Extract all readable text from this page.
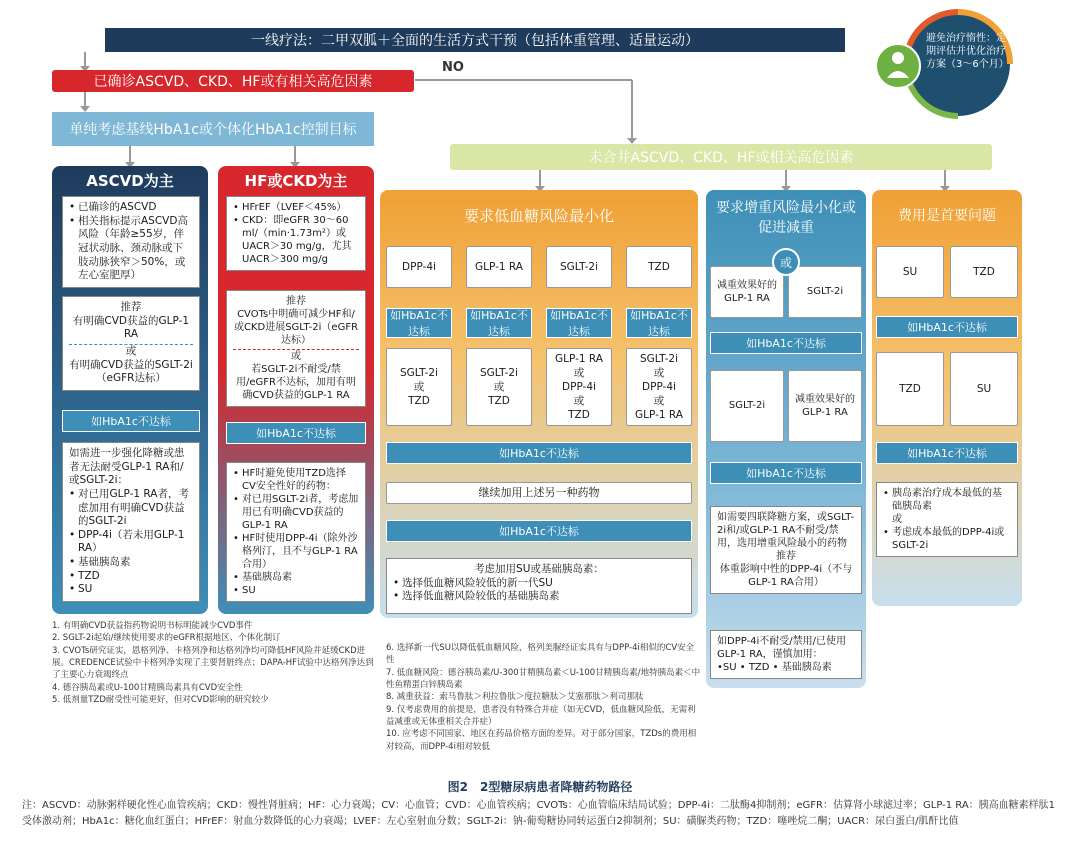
一线疗法：二甲双胍＋全面的生活方式干预（包括体重管理、适量运动）
已确诊ASCVD、CKD、HF或有相关高危因素
NO
单纯考虑基线HbA1c或个体化HbA1c控制目标
未合并ASCVD、CKD、HF或相关高危因素
避免治疗惰性：定期评估并优化治疗方案（3～6个月）
ASCVD为主
• 已确诊的ASCVD
• 相关指标提示ASCVD高风险（年龄≥55岁，伴冠状动脉、颈动脉或下肢动脉狭窄＞50%，或左心室肥厚）
推荐
有明确CVD获益的GLP-1 RA
或
有明确CVD获益的SGLT-2i（eGFR达标）
如HbA1c不达标
如需进一步强化降糖或患者无法耐受GLP-1 RA和/或SGLT-2i：
• 对已用GLP-1 RA者，考虑加用有明确CVD获益的SGLT-2i
• DPP-4i（若未用GLP-1 RA）
• 基础胰岛素
• TZD
• SU
HF或CKD为主
• HFrEF（LVEF＜45%）
• CKD：即eGFR 30～60 ml/（min·1.73m²）或UACR＞30 mg/g，尤其UACR＞300 mg/g
推荐
CVOTs中明确可减少HF和/或CKD进展SGLT-2i（eGFR达标）
或
若SGLT-2i不耐受/禁用/eGFR不达标，加用有明确CVD获益的GLP-1 RA
如HbA1c不达标
• HF时避免使用TZD选择CV安全性好的药物：
• 对已用SGLT-2i者，考虑加用已有明确CVD获益的GLP-1 RA
• HF时使用DPP-4i（除外沙格列汀，且不与GLP-1 RA合用）
• 基础胰岛素
• SU
要求低血糖风险最小化
DPP-4i	GLP-1 RA	SGLT-2i	TZD
如HbA1c不达标
如HbA1c不达标
如HbA1c不达标
如HbA1c不达标
SGLT-2i
或
TZD
SGLT-2i
或
TZD
GLP-1 RA
或
DPP-4i
或
TZD
SGLT-2i
或
DPP-4i
或
GLP-1 RA
如HbA1c不达标
继续加用上述另一种药物
如HbA1c不达标
考虑加用SU或基础胰岛素：
• 选择低血糖风险较低的新一代SU
• 选择低血糖风险较低的基础胰岛素
要求增重风险最小化或促进减重
或
减重效果好的GLP-1 RA
SGLT-2i
如HbA1c不达标
SGLT-2i
减重效果好的GLP-1 RA
如HbA1c不达标
如需要四联降糖方案，或SGLT-2i和/或GLP-1 RA不耐受/禁用，选用增重风险最小的药物
推荐
体重影响中性的DPP-4i（不与GLP-1 RA合用）
如DPP-4i不耐受/禁用/已使用GLP-1 RA，谨慎加用：
•SU • TZD • 基础胰岛素
费用是首要问题
SU	TZD
如HbA1c不达标
TZD	SU
如HbA1c不达标
• 胰岛素治疗成本最低的基础胰岛素
或
• 考虑成本最低的DPP-4i或SGLT-2i
1. 有明确CVD获益指药物说明书标明能减少CVD事件
2. SGLT-2i起始/继续使用要求的eGFR根据地区、个体化制订
3. CVOTs研究证实，恩格列净、卡格列净和达格列净均可降低HF风险并延缓CKD进展。CREDENCE试验中卡格列净实现了主要肾脏终点；DAPA-HF试验中达格列净达到了主要心力衰竭终点
4. 德谷胰岛素或U-100甘精胰岛素具有CVD安全性
5. 低剂量TZD耐受性可能更好，但对CVD影响的研究较少
6. 选择新一代SU以降低低血糖风险，格列美脲经证实具有与DPP-4i相似的CV安全性
7. 低血糖风险：德谷胰岛素/U-300甘精胰岛素＜U-100甘精胰岛素/地特胰岛素＜中性鱼精蛋白锌胰岛素
8. 减重获益：索马鲁肽＞利拉鲁肽＞度拉糖肽＞艾塞那肽＞利司那肽
9. 仅考虑费用的前提是，患者没有特殊合并症（如无CVD，低血糖风险低，无需利益减重或无体重相关合并症）
10. 应考虑不同国家、地区在药品价格方面的差异。对于部分国家，TZDs的费用相对较高，而DPP-4i相对较低
图2　2型糖尿病患者降糖药物路径
注：ASCVD：动脉粥样硬化性心血管疾病；CKD：慢性肾脏病；HF：心力衰竭；CV：心血管；CVD：心血管疾病；CVOTs：心血管临床结局试验；DPP-4i：二肽酶4抑制剂；eGFR：估算肾小球滤过率；GLP-1 RA：胰高血糖素样肽1受体激动剂；HbA1c：糖化血红蛋白；HFrEF：射血分数降低的心力衰竭；LVEF：左心室射血分数；SGLT-2i：钠-葡萄糖协同转运蛋白2抑制剂；SU：磺脲类药物；TZD：噻唑烷二酮；UACR：尿白蛋白/肌酐比值
